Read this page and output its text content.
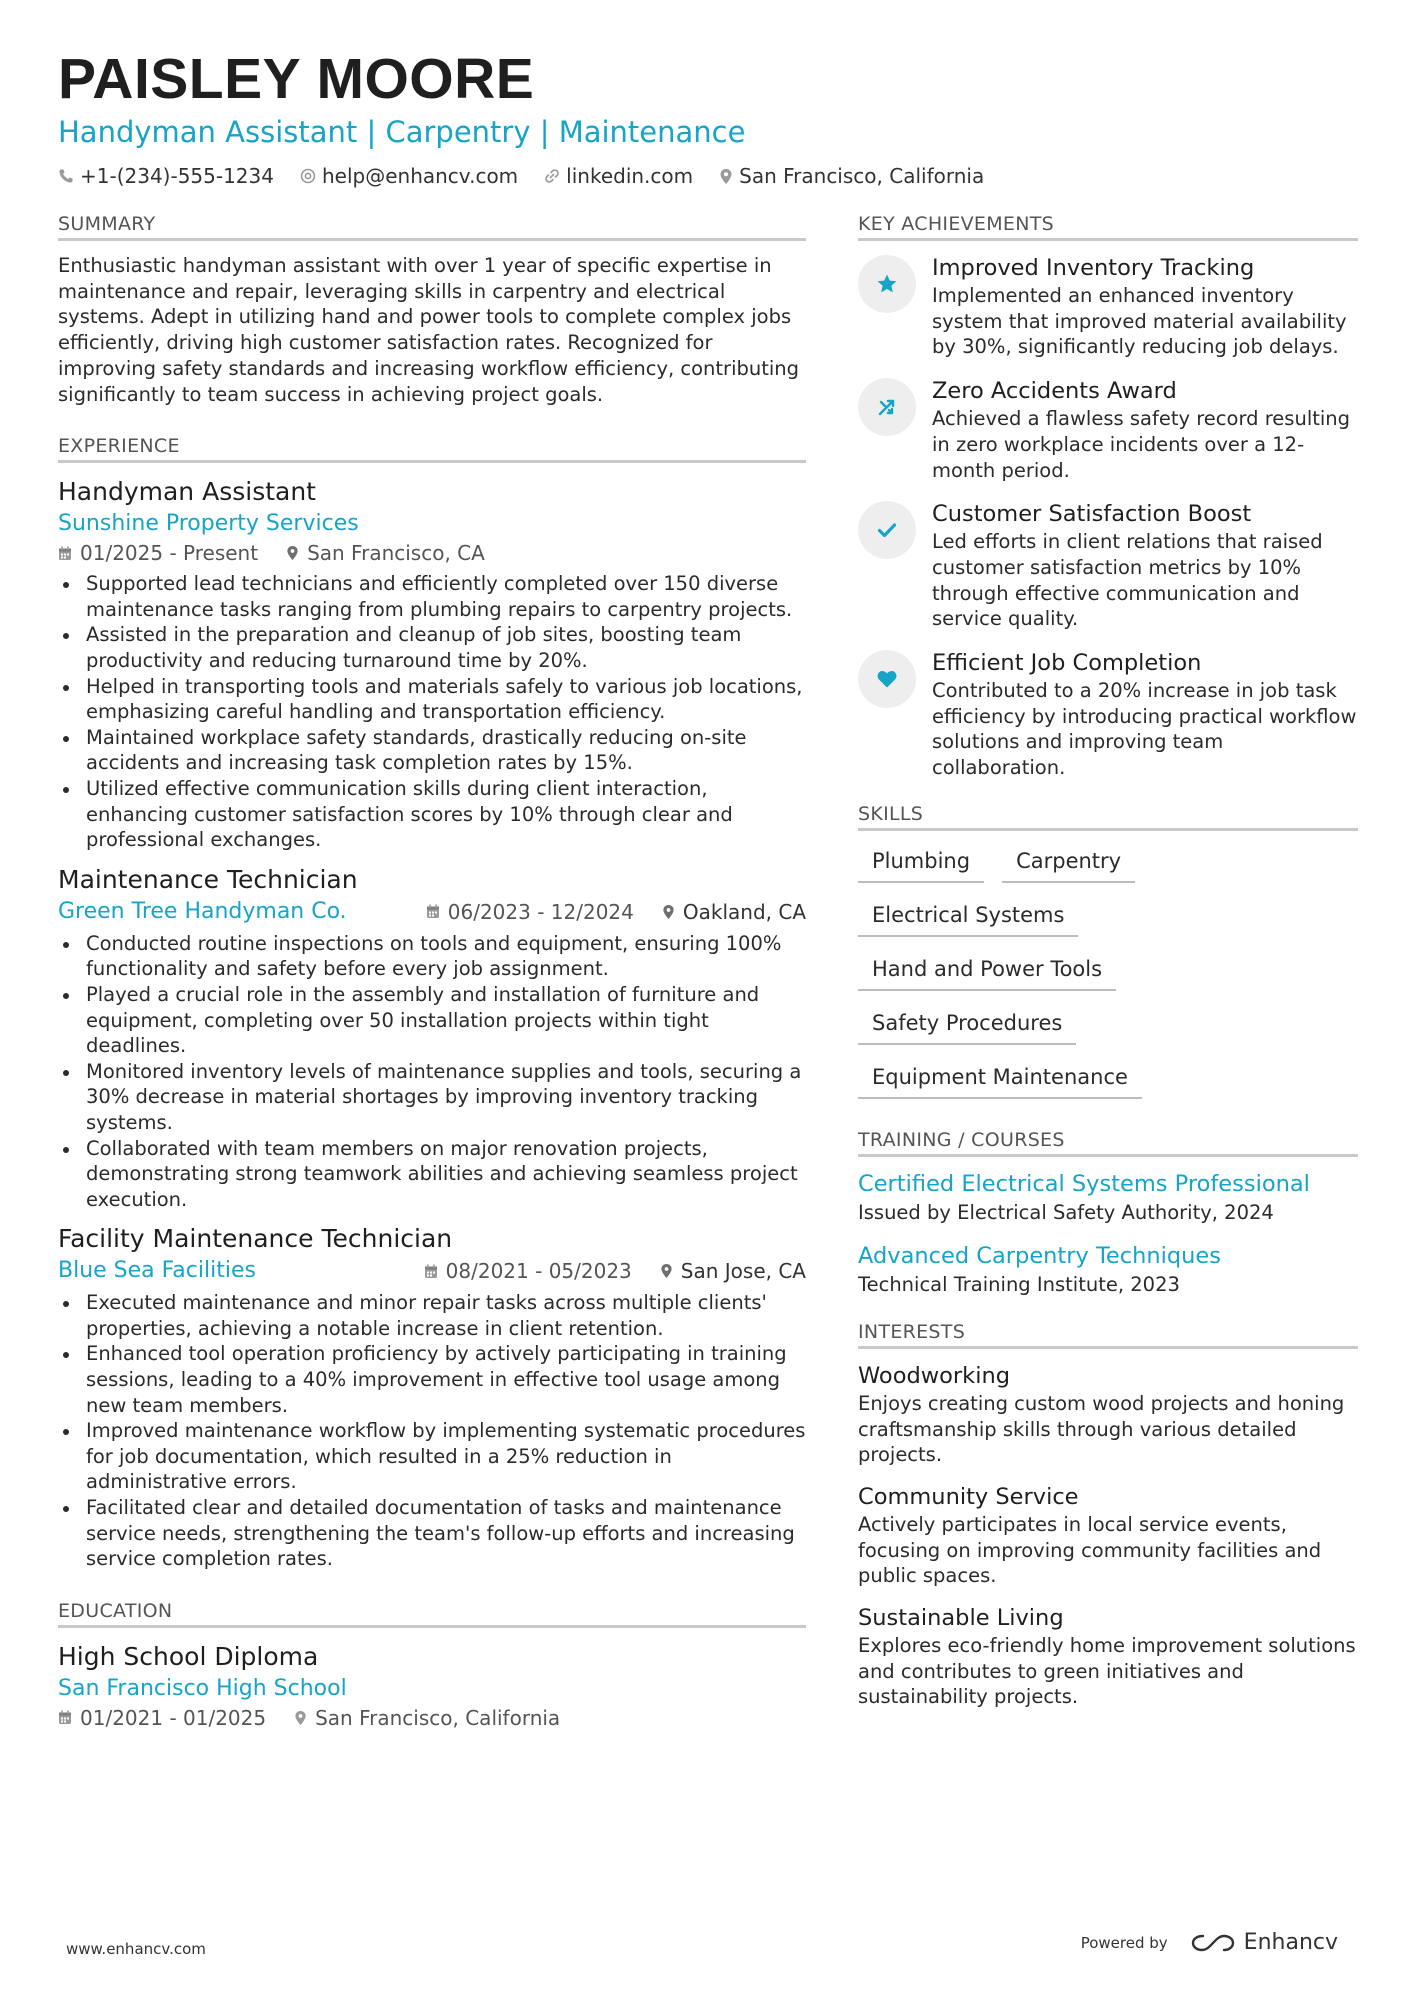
PAISLEY MOORE
Handyman Assistant | Carpentry | Maintenance
+1-(234)-555-1234 help@enhancv.com linkedin.com San Francisco, California
SUMMARY
Enthusiastic handyman assistant with over 1 year of specific expertise in maintenance and repair, leveraging skills in carpentry and electrical systems. Adept in utilizing hand and power tools to complete complex jobs efficiently, driving high customer satisfaction rates. Recognized for improving safety standards and increasing workflow efficiency, contributing significantly to team success in achieving project goals.
EXPERIENCE
Handyman Assistant
Sunshine Property Services
01/2025 - Present San Francisco, CA
Supported lead technicians and efficiently completed over 150 diverse maintenance tasks ranging from plumbing repairs to carpentry projects.
Assisted in the preparation and cleanup of job sites, boosting team productivity and reducing turnaround time by 20%.
Helped in transporting tools and materials safely to various job locations, emphasizing careful handling and transportation efficiency.
Maintained workplace safety standards, drastically reducing on-site accidents and increasing task completion rates by 15%.
Utilized effective communication skills during client interaction, enhancing customer satisfaction scores by 10% through clear and professional exchanges.
Maintenance Technician
Green Tree Handyman Co.	06/2023 - 12/2024 Oakland, CA
Conducted routine inspections on tools and equipment, ensuring 100% functionality and safety before every job assignment.
Played a crucial role in the assembly and installation of furniture and equipment, completing over 50 installation projects within tight deadlines.
Monitored inventory levels of maintenance supplies and tools, securing a 30% decrease in material shortages by improving inventory tracking systems.
Collaborated with team members on major renovation projects, demonstrating strong teamwork abilities and achieving seamless project execution.
Facility Maintenance Technician
Blue Sea Facilities	08/2021 - 05/2023 San Jose, CA
Executed maintenance and minor repair tasks across multiple clients' properties, achieving a notable increase in client retention.
Enhanced tool operation proficiency by actively participating in training sessions, leading to a 40% improvement in effective tool usage among new team members.
Improved maintenance workflow by implementing systematic procedures for job documentation, which resulted in a 25% reduction in administrative errors.
Facilitated clear and detailed documentation of tasks and maintenance service needs, strengthening the team's follow-up efforts and increasing service completion rates.
EDUCATION
High School Diploma
San Francisco High School
01/2021 - 01/2025 San Francisco, California
KEY ACHIEVEMENTS
Improved Inventory Tracking
Implemented an enhanced inventory system that improved material availability by 30%, significantly reducing job delays.
Zero Accidents Award
Achieved a flawless safety record resulting in zero workplace incidents over a 12-month period.
Customer Satisfaction Boost
Led efforts in client relations that raised customer satisfaction metrics by 10% through effective communication and service quality.
Efficient Job Completion
Contributed to a 20% increase in job task efficiency by introducing practical workflow solutions and improving team collaboration.
SKILLS
Plumbing	Carpentry
Electrical Systems
Hand and Power Tools
Safety Procedures
Equipment Maintenance
TRAINING / COURSES
Certified Electrical Systems Professional
Issued by Electrical Safety Authority, 2024
Advanced Carpentry Techniques
Technical Training Institute, 2023
INTERESTS
Woodworking
Enjoys creating custom wood projects and honing craftsmanship skills through various detailed projects.
Community Service
Actively participates in local service events, focusing on improving community facilities and public spaces.
Sustainable Living
Explores eco-friendly home improvement solutions and contributes to green initiatives and sustainability projects.
www.enhancv.com	Powered by	Enhancv
